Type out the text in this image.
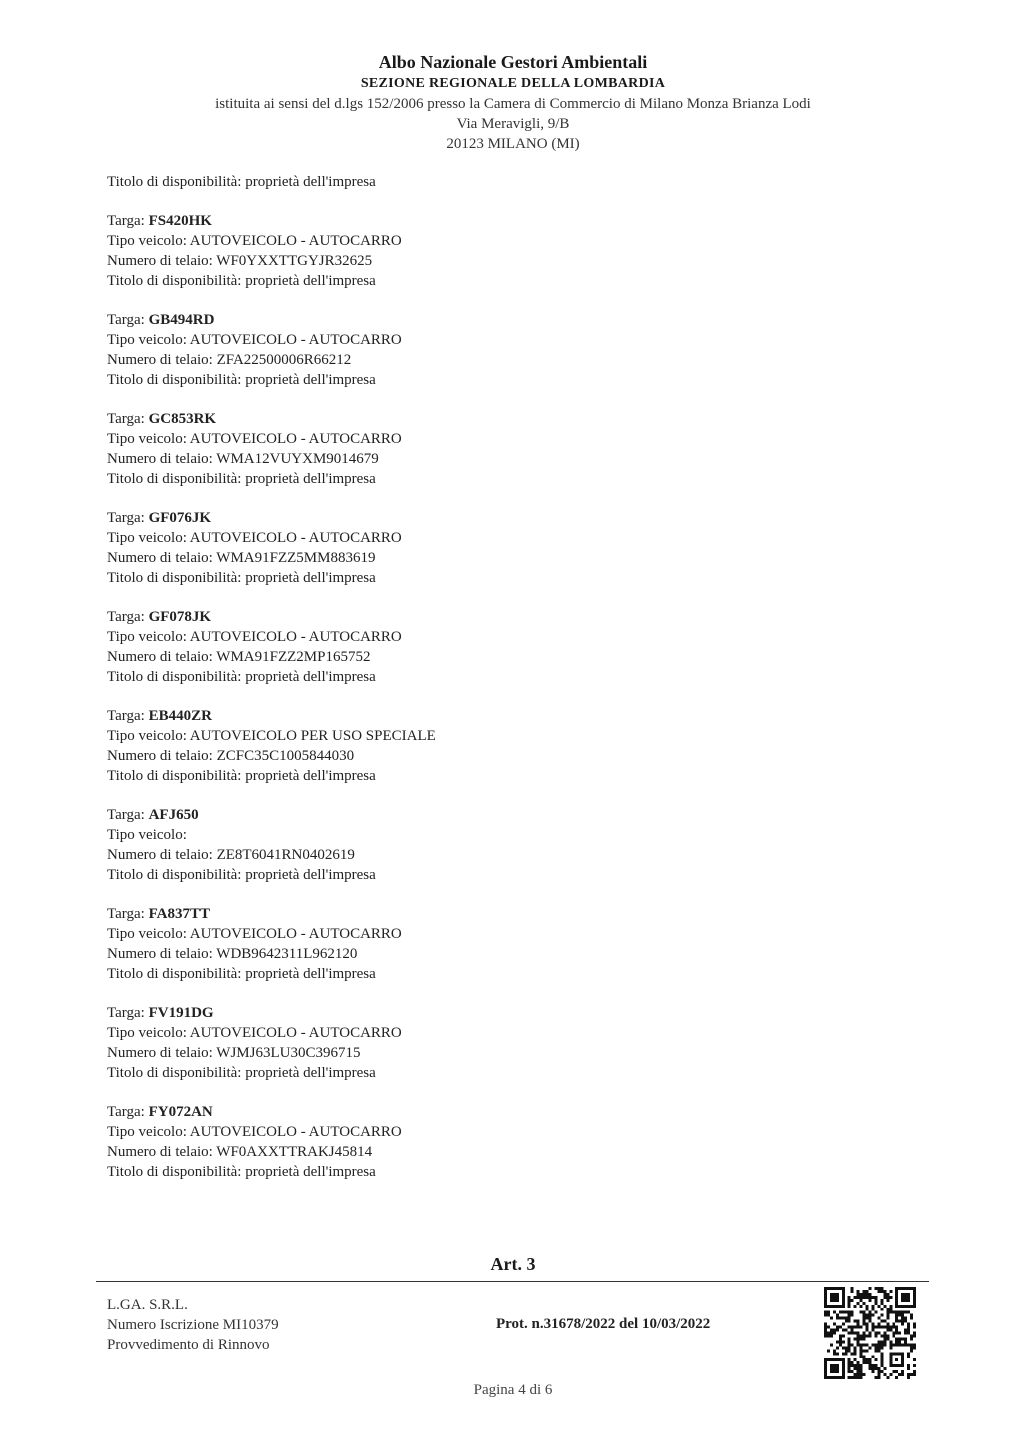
Albo Nazionale Gestori Ambientali
SEZIONE REGIONALE DELLA LOMBARDIA
istituita ai sensi del d.lgs 152/2006 presso la Camera di Commercio di Milano Monza Brianza Lodi
Via Meravigli, 9/B
20123 MILANO (MI)
Titolo di disponibilità: proprietà dell'impresa
Targa: FS420HK
Tipo veicolo: AUTOVEICOLO - AUTOCARRO
Numero di telaio: WF0YXXTTGYJR32625
Titolo di disponibilità: proprietà dell'impresa
Targa: GB494RD
Tipo veicolo: AUTOVEICOLO - AUTOCARRO
Numero di telaio: ZFA22500006R66212
Titolo di disponibilità: proprietà dell'impresa
Targa: GC853RK
Tipo veicolo: AUTOVEICOLO - AUTOCARRO
Numero di telaio: WMA12VUYXM9014679
Titolo di disponibilità: proprietà dell'impresa
Targa: GF076JK
Tipo veicolo: AUTOVEICOLO - AUTOCARRO
Numero di telaio: WMA91FZZ5MM883619
Titolo di disponibilità: proprietà dell'impresa
Targa: GF078JK
Tipo veicolo: AUTOVEICOLO - AUTOCARRO
Numero di telaio: WMA91FZZ2MP165752
Titolo di disponibilità: proprietà dell'impresa
Targa: EB440ZR
Tipo veicolo: AUTOVEICOLO PER USO SPECIALE
Numero di telaio: ZCFC35C1005844030
Titolo di disponibilità: proprietà dell'impresa
Targa: AFJ650
Tipo veicolo:
Numero di telaio: ZE8T6041RN0402619
Titolo di disponibilità: proprietà dell'impresa
Targa: FA837TT
Tipo veicolo: AUTOVEICOLO - AUTOCARRO
Numero di telaio: WDB9642311L962120
Titolo di disponibilità: proprietà dell'impresa
Targa: FV191DG
Tipo veicolo: AUTOVEICOLO - AUTOCARRO
Numero di telaio: WJMJ63LU30C396715
Titolo di disponibilità: proprietà dell'impresa
Targa: FY072AN
Tipo veicolo: AUTOVEICOLO - AUTOCARRO
Numero di telaio: WF0AXXTTRAKJ45814
Titolo di disponibilità: proprietà dell'impresa
Art. 3
L.GA. S.R.L.
Numero Iscrizione MI10379
Provvedimento di Rinnovo
Prot. n.31678/2022 del 10/03/2022
Pagina 4 di 6
